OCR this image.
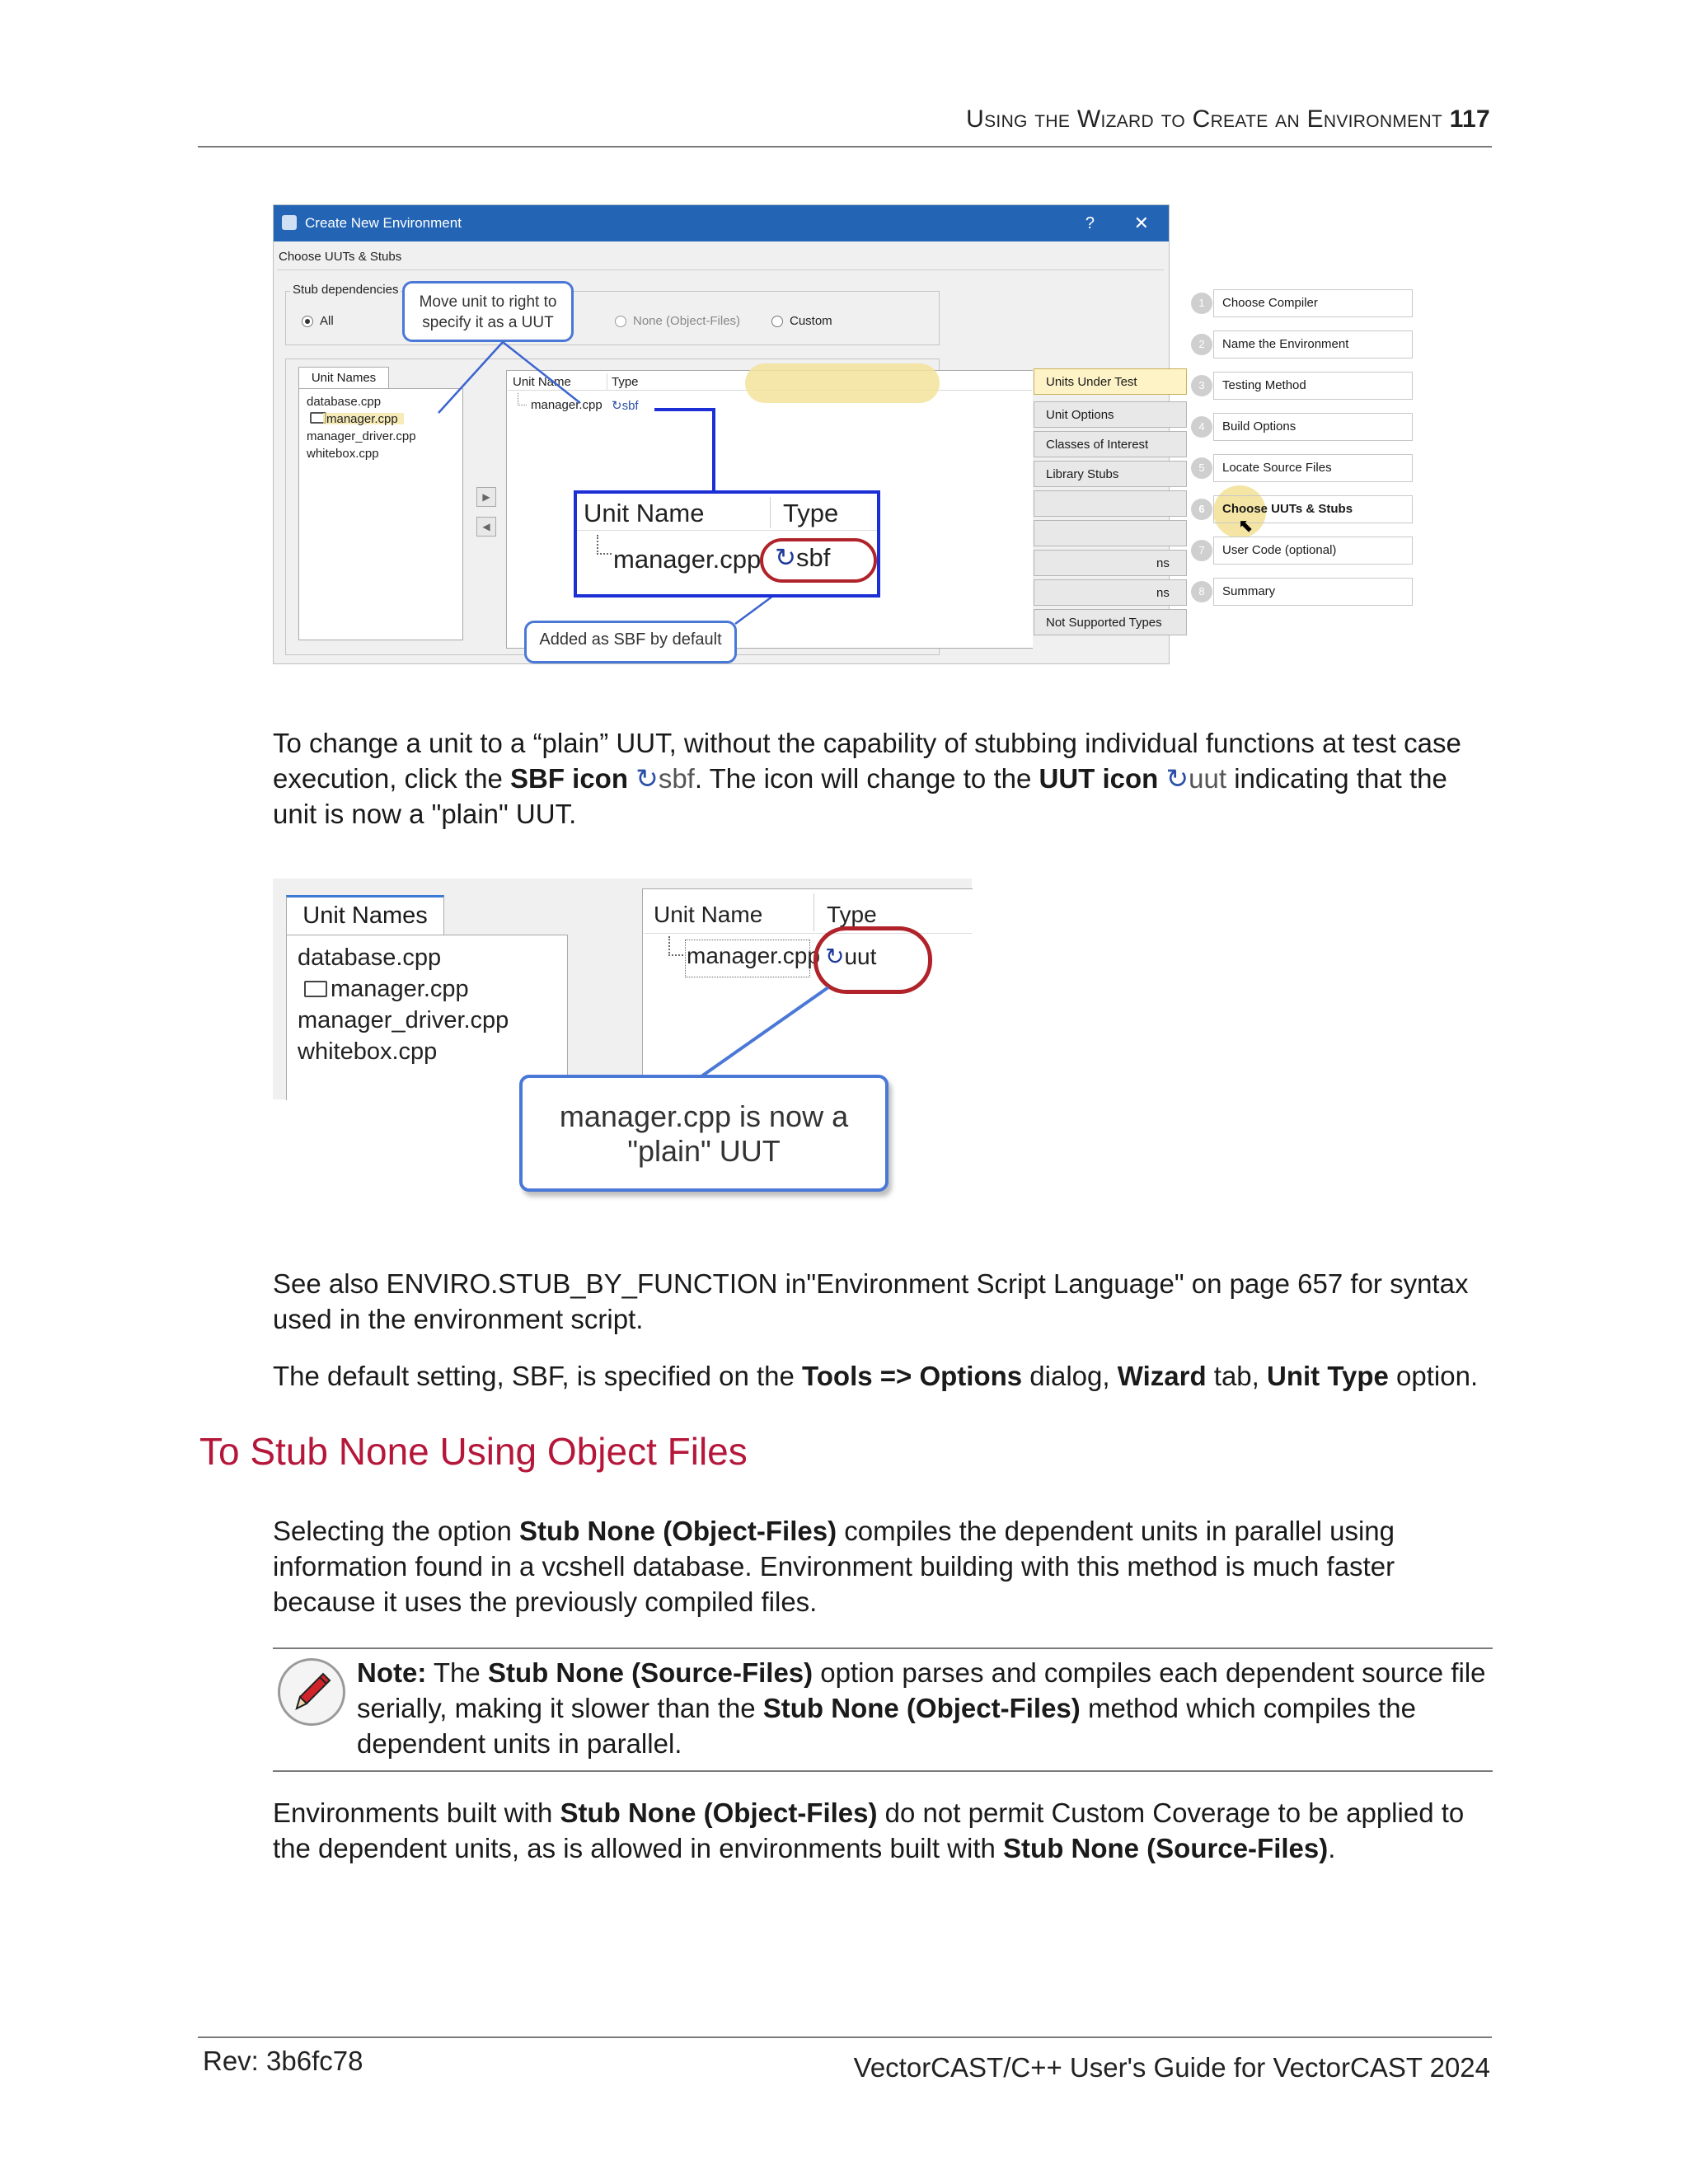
Using the Wizard to Create an Environment 117
Create New Environment	? ✕
Choose UUTs & Stubs
Stub dependencies
All	None (Object-Files)	Custom
Move unit to right to specify it as a UUT
Unit Names
database.cpp
manager.cpp
manager_driver.cpp
whitebox.cpp
▶
◀
Unit Name	Type
manager.cpp ↻sbf
Units Under Test
Unit Options
Classes of Interest
Library Stubs
ns
ns
Not Supported Types
Unit Name	Type
manager.cpp ↻sbf
Added as SBF by default
1	Choose Compiler
2	Name the Environment
3	Testing Method
4	Build Options
5	Locate Source Files
6	Choose UUTs & Stubs
⬉
7	User Code (optional)
8	Summary
To change a unit to a “plain” UUT, without the capability of stubbing individual functions at test case execution, click the SBF icon ↻sbf. The icon will change to the UUT icon ↻uut indicating that the unit is now a "plain" UUT.
Unit Names
database.cpp
manager.cpp
manager_driver.cpp
whitebox.cpp
Unit Name	Type
manager.cpp ↻uut
manager.cpp is now a "plain" UUT
See also ENVIRO.STUB_BY_FUNCTION in"Environment Script Language" on page 657 for syntax used in the environment script.
The default setting, SBF, is specified on the Tools => Options dialog, Wizard tab, Unit Type option.
To Stub None Using Object Files
Selecting the option Stub None (Object-Files) compiles the dependent units in parallel using information found in a vcshell database. Environment building with this method is much faster because it uses the previously compiled files.
Note: The Stub None (Source-Files) option parses and compiles each dependent source file serially, making it slower than the Stub None (Object-Files) method which compiles the dependent units in parallel.
Environments built with Stub None (Object-Files) do not permit Custom Coverage to be applied to the dependent units, as is allowed in environments built with Stub None (Source-Files).
Rev: 3b6fc78	VectorCAST/C++ User's Guide for VectorCAST 2024
